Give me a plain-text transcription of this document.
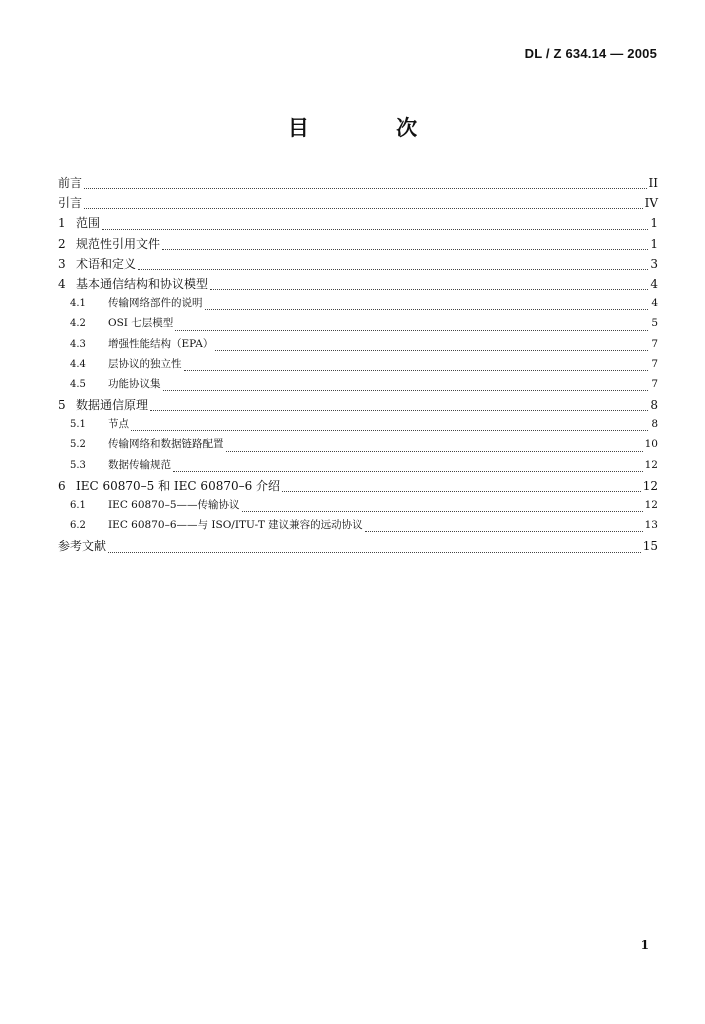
DL / Z 634.14 — 2005
目 次
前言	II
引言	IV
1 范围	1
2 规范性引用文件	1
3 术语和定义	3
4 基本通信结构和协议模型	4
4.1	传输网络部件的说明	4
4.2	OSI 七层模型	5
4.3	增强性能结构（EPA）	7
4.4	层协议的独立性	7
4.5	功能协议集	7
5 数据通信原理	8
5.1	节点	8
5.2	传输网络和数据链路配置	10
5.3	数据传输规范	12
6 IEC 60870–5 和 IEC 60870–6 介绍	12
6.1	IEC 60870–5——传输协议	12
6.2	IEC 60870–6——与 ISO/ITU-T 建议兼容的远动协议	13
参考文献	15
1
